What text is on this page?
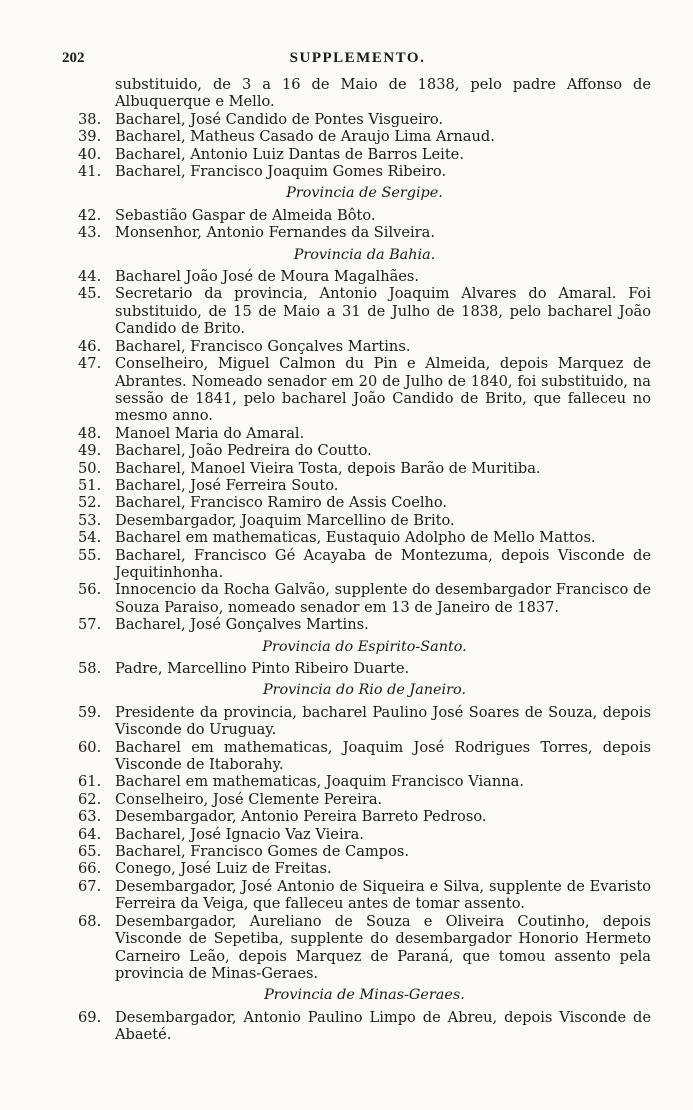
202	SUPPLEMENTO.
substituido, de 3 a 16 de Maio de 1838, pelo padre Affonso de Albuquerque e Mello.
38. Bacharel, José Candido de Pontes Visgueiro.
39. Bacharel, Matheus Casado de Araujo Lima Arnaud.
40. Bacharel, Antonio Luiz Dantas de Barros Leite.
41. Bacharel, Francisco Joaquim Gomes Ribeiro.
Provincia de Sergipe.
42. Sebastião Gaspar de Almeida Bôto.
43. Monsenhor, Antonio Fernandes da Silveira.
Provincia da Bahia.
44. Bacharel João José de Moura Magalhães.
45. Secretario da provincia, Antonio Joaquim Alvares do Amaral. Foi substituido, de 15 de Maio a 31 de Julho de 1838, pelo bacharel João Candido de Brito.
46. Bacharel, Francisco Gonçalves Martins.
47. Conselheiro, Miguel Calmon du Pin e Almeida, depois Marquez de Abrantes. Nomeado senador em 20 de Julho de 1840, foi substituido, na sessão de 1841, pelo bacharel João Candido de Brito, que falleceu no mesmo anno.
48. Manoel Maria do Amaral.
49. Bacharel, João Pedreira do Coutto.
50. Bacharel, Manoel Vieira Tosta, depois Barão de Muritiba.
51. Bacharel, José Ferreira Souto.
52. Bacharel, Francisco Ramiro de Assis Coelho.
53. Desembargador, Joaquim Marcellino de Brito.
54. Bacharel em mathematicas, Eustaquio Adolpho de Mello Mattos.
55. Bacharel, Francisco Gé Acayaba de Montezuma, depois Visconde de Jequitinhonha.
56. Innocencio da Rocha Galvão, supplente do desembargador Francisco de Souza Paraiso, nomeado senador em 13 de Janeiro de 1837.
57. Bacharel, José Gonçalves Martins.
Provincia do Espirito-Santo.
58. Padre, Marcellino Pinto Ribeiro Duarte.
Provincia do Rio de Janeiro.
59. Presidente da provincia, bacharel Paulino José Soares de Souza, depois Visconde do Uruguay.
60. Bacharel em mathematicas, Joaquim José Rodrigues Torres, depois Visconde de Itaborahy.
61. Bacharel em mathematicas, Joaquim Francisco Vianna.
62. Conselheiro, José Clemente Pereira.
63. Desembargador, Antonio Pereira Barreto Pedroso.
64. Bacharel, José Ignacio Vaz Vieira.
65. Bacharel, Francisco Gomes de Campos.
66. Conego, José Luiz de Freitas.
67. Desembargador, José Antonio de Siqueira e Silva, supplente de Evaristo Ferreira da Veiga, que falleceu antes de tomar assento.
68. Desembargador, Aureliano de Souza e Oliveira Coutinho, depois Visconde de Sepetiba, supplente do desembargador Honorio Hermeto Carneiro Leão, depois Marquez de Paraná, que tomou assento pela provincia de Minas-Geraes.
Provincia de Minas-Geraes.
69. Desembargador, Antonio Paulino Limpo de Abreu, depois Visconde de Abaeté.
